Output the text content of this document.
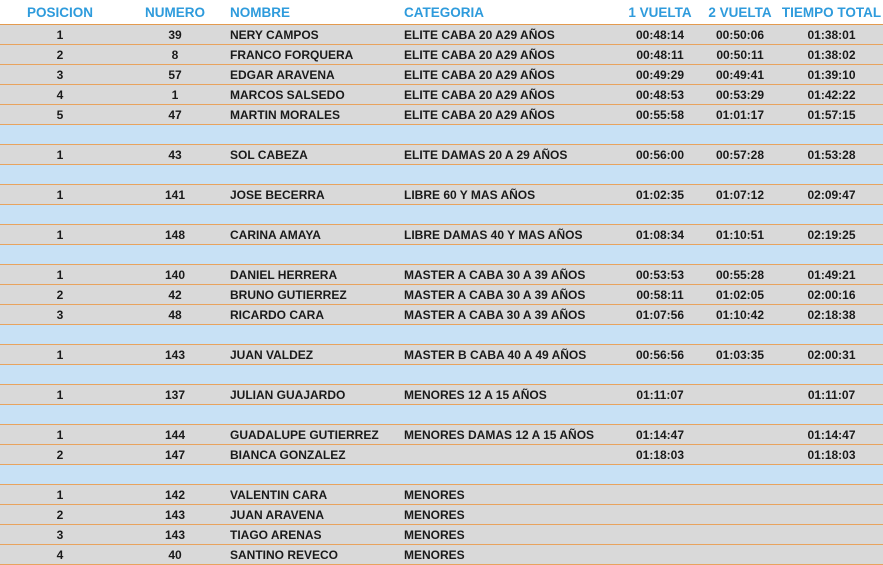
POSICION	NUMERO	NOMBRE	CATEGORIA	1 VUELTA	2 VUELTA	TIEMPO TOTAL
1	39	NERY CAMPOS	ELITE CABA 20 A29 AÑOS	00:48:14	00:50:06	01:38:01
2	8	FRANCO FORQUERA	ELITE CABA 20 A29 AÑOS	00:48:11	00:50:11	01:38:02
3	57	EDGAR ARAVENA	ELITE CABA 20 A29 AÑOS	00:49:29	00:49:41	01:39:10
4	1	MARCOS SALSEDO	ELITE CABA 20 A29 AÑOS	00:48:53	00:53:29	01:42:22
5	47	MARTIN MORALES	ELITE CABA 20 A29 AÑOS	00:55:58	01:01:17	01:57:15

1	43	SOL CABEZA	ELITE DAMAS 20 A 29 AÑOS	00:56:00	00:57:28	01:53:28

1	141	JOSE BECERRA	LIBRE 60 Y MAS AÑOS	01:02:35	01:07:12	02:09:47

1	148	CARINA AMAYA	LIBRE DAMAS 40 Y MAS AÑOS	01:08:34	01:10:51	02:19:25

1	140	DANIEL HERRERA	MASTER A CABA 30 A 39 AÑOS	00:53:53	00:55:28	01:49:21
2	42	BRUNO GUTIERREZ	MASTER A CABA 30 A 39 AÑOS	00:58:11	01:02:05	02:00:16
3	48	RICARDO CARA	MASTER A CABA 30 A 39 AÑOS	01:07:56	01:10:42	02:18:38

1	143	JUAN VALDEZ	MASTER B CABA 40 A 49 AÑOS	00:56:56	01:03:35	02:00:31

1	137	JULIAN GUAJARDO	MENORES 12 A 15 AÑOS	01:11:07		01:11:07

1	144	GUADALUPE GUTIERREZ	MENORES DAMAS 12 A 15 AÑOS	01:14:47		01:14:47
2	147	BIANCA GONZALEZ		01:18:03		01:18:03

1	142	VALENTIN CARA	MENORES			
2	143	JUAN ARAVENA	MENORES			
3	143	TIAGO ARENAS	MENORES			
4	40	SANTINO REVECO	MENORES			
